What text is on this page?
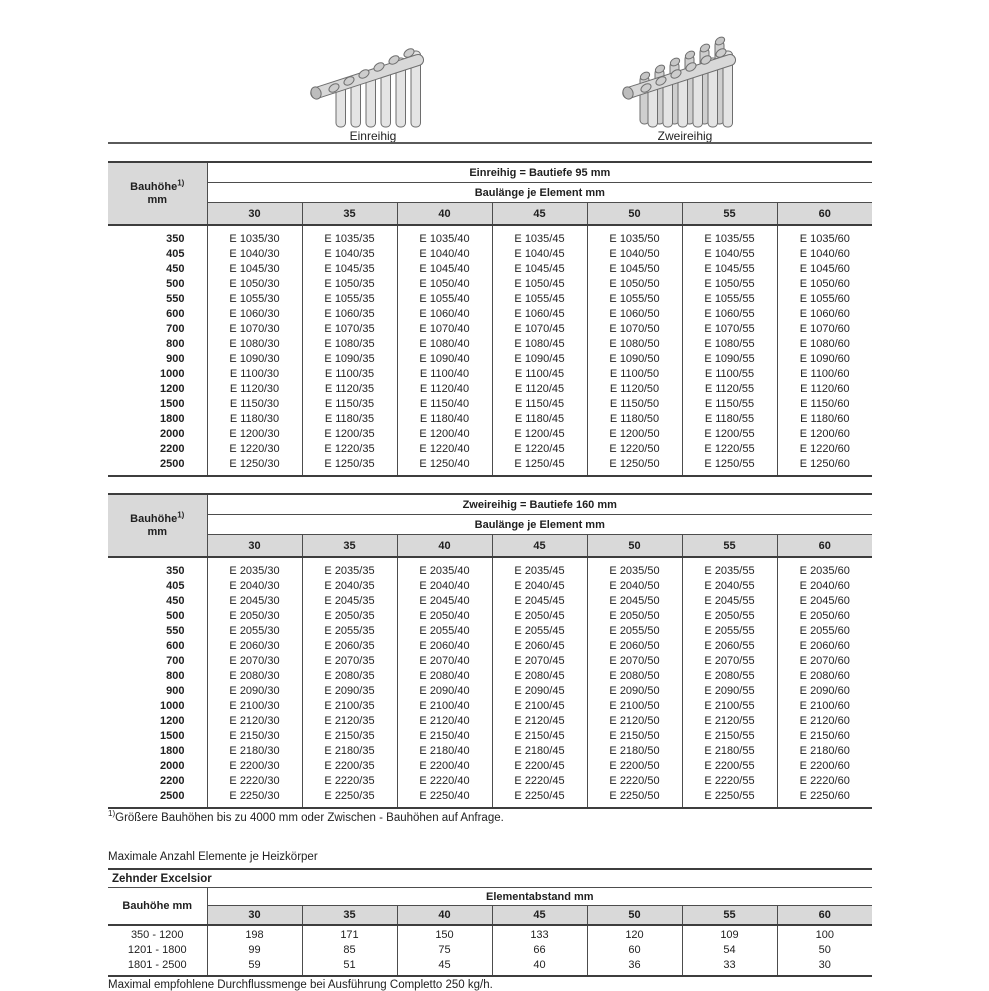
Einreihig	Zweireihig
Bauhöhe$^{1)}$
mm	Einreihig = Bautiefe 95 mm						
	Baulänge je Element mm						
	30	35	40	45	50	55	60
350	E 1035/30	E 1035/35	E 1035/40	E 1035/45	E 1035/50	E 1035/55	E 1035/60
405	E 1040/30	E 1040/35	E 1040/40	E 1040/45	E 1040/50	E 1040/55	E 1040/60
450	E 1045/30	E 1045/35	E 1045/40	E 1045/45	E 1045/50	E 1045/55	E 1045/60
500	E 1050/30	E 1050/35	E 1050/40	E 1050/45	E 1050/50	E 1050/55	E 1050/60
550	E 1055/30	E 1055/35	E 1055/40	E 1055/45	E 1055/50	E 1055/55	E 1055/60
600	E 1060/30	E 1060/35	E 1060/40	E 1060/45	E 1060/50	E 1060/55	E 1060/60
700	E 1070/30	E 1070/35	E 1070/40	E 1070/45	E 1070/50	E 1070/55	E 1070/60
800	E 1080/30	E 1080/35	E 1080/40	E 1080/45	E 1080/50	E 1080/55	E 1080/60
900	E 1090/30	E 1090/35	E 1090/40	E 1090/45	E 1090/50	E 1090/55	E 1090/60
1000	E 1100/30	E 1100/35	E 1100/40	E 1100/45	E 1100/50	E 1100/55	E 1100/60
1200	E 1120/30	E 1120/35	E 1120/40	E 1120/45	E 1120/50	E 1120/55	E 1120/60
1500	E 1150/30	E 1150/35	E 1150/40	E 1150/45	E 1150/50	E 1150/55	E 1150/60
1800	E 1180/30	E 1180/35	E 1180/40	E 1180/45	E 1180/50	E 1180/55	E 1180/60
2000	E 1200/30	E 1200/35	E 1200/40	E 1200/45	E 1200/50	E 1200/55	E 1200/60
2200	E 1220/30	E 1220/35	E 1220/40	E 1220/45	E 1220/50	E 1220/55	E 1220/60
2500	E 1250/30	E 1250/35	E 1250/40	E 1250/45	E 1250/50	E 1250/55	E 1250/60
Bauhöhe$^{1)}$
mm	Zweireihig = Bautiefe 160 mm						
	Baulänge je Element mm						
	30	35	40	45	50	55	60
350	E 2035/30	E 2035/35	E 2035/40	E 2035/45	E 2035/50	E 2035/55	E 2035/60
405	E 2040/30	E 2040/35	E 2040/40	E 2040/45	E 2040/50	E 2040/55	E 2040/60
450	E 2045/30	E 2045/35	E 2045/40	E 2045/45	E 2045/50	E 2045/55	E 2045/60
500	E 2050/30	E 2050/35	E 2050/40	E 2050/45	E 2050/50	E 2050/55	E 2050/60
550	E 2055/30	E 2055/35	E 2055/40	E 2055/45	E 2055/50	E 2055/55	E 2055/60
600	E 2060/30	E 2060/35	E 2060/40	E 2060/45	E 2060/50	E 2060/55	E 2060/60
700	E 2070/30	E 2070/35	E 2070/40	E 2070/45	E 2070/50	E 2070/55	E 2070/60
800	E 2080/30	E 2080/35	E 2080/40	E 2080/45	E 2080/50	E 2080/55	E 2080/60
900	E 2090/30	E 2090/35	E 2090/40	E 2090/45	E 2090/50	E 2090/55	E 2090/60
1000	E 2100/30	E 2100/35	E 2100/40	E 2100/45	E 2100/50	E 2100/55	E 2100/60
1200	E 2120/30	E 2120/35	E 2120/40	E 2120/45	E 2120/50	E 2120/55	E 2120/60
1500	E 2150/30	E 2150/35	E 2150/40	E 2150/45	E 2150/50	E 2150/55	E 2150/60
1800	E 2180/30	E 2180/35	E 2180/40	E 2180/45	E 2180/50	E 2180/55	E 2180/60
2000	E 2200/30	E 2200/35	E 2200/40	E 2200/45	E 2200/50	E 2200/55	E 2200/60
2200	E 2220/30	E 2220/35	E 2220/40	E 2220/45	E 2220/50	E 2220/55	E 2220/60
2500	E 2250/30	E 2250/35	E 2250/40	E 2250/45	E 2250/50	E 2250/55	E 2250/60

$^{1)}$Größere Bauhöhen bis zu 4000 mm oder Zwischen - Bauhöhen auf Anfrage.

Maximale Anzahl Elemente je Heizkörper

Zehnder Excelsior							
Bauhöhe mm	Elementabstand mm						
	30	35	40	45	50	55	60
350 - 1200	198	171	150	133	120	109	100
1201 - 1800	99	85	75	66	60	54	50
1801 - 2500	59	51	45	40	36	33	30

Maximal empfohlene Durchflussmenge bei Ausführung Completto 250 kg/h.
